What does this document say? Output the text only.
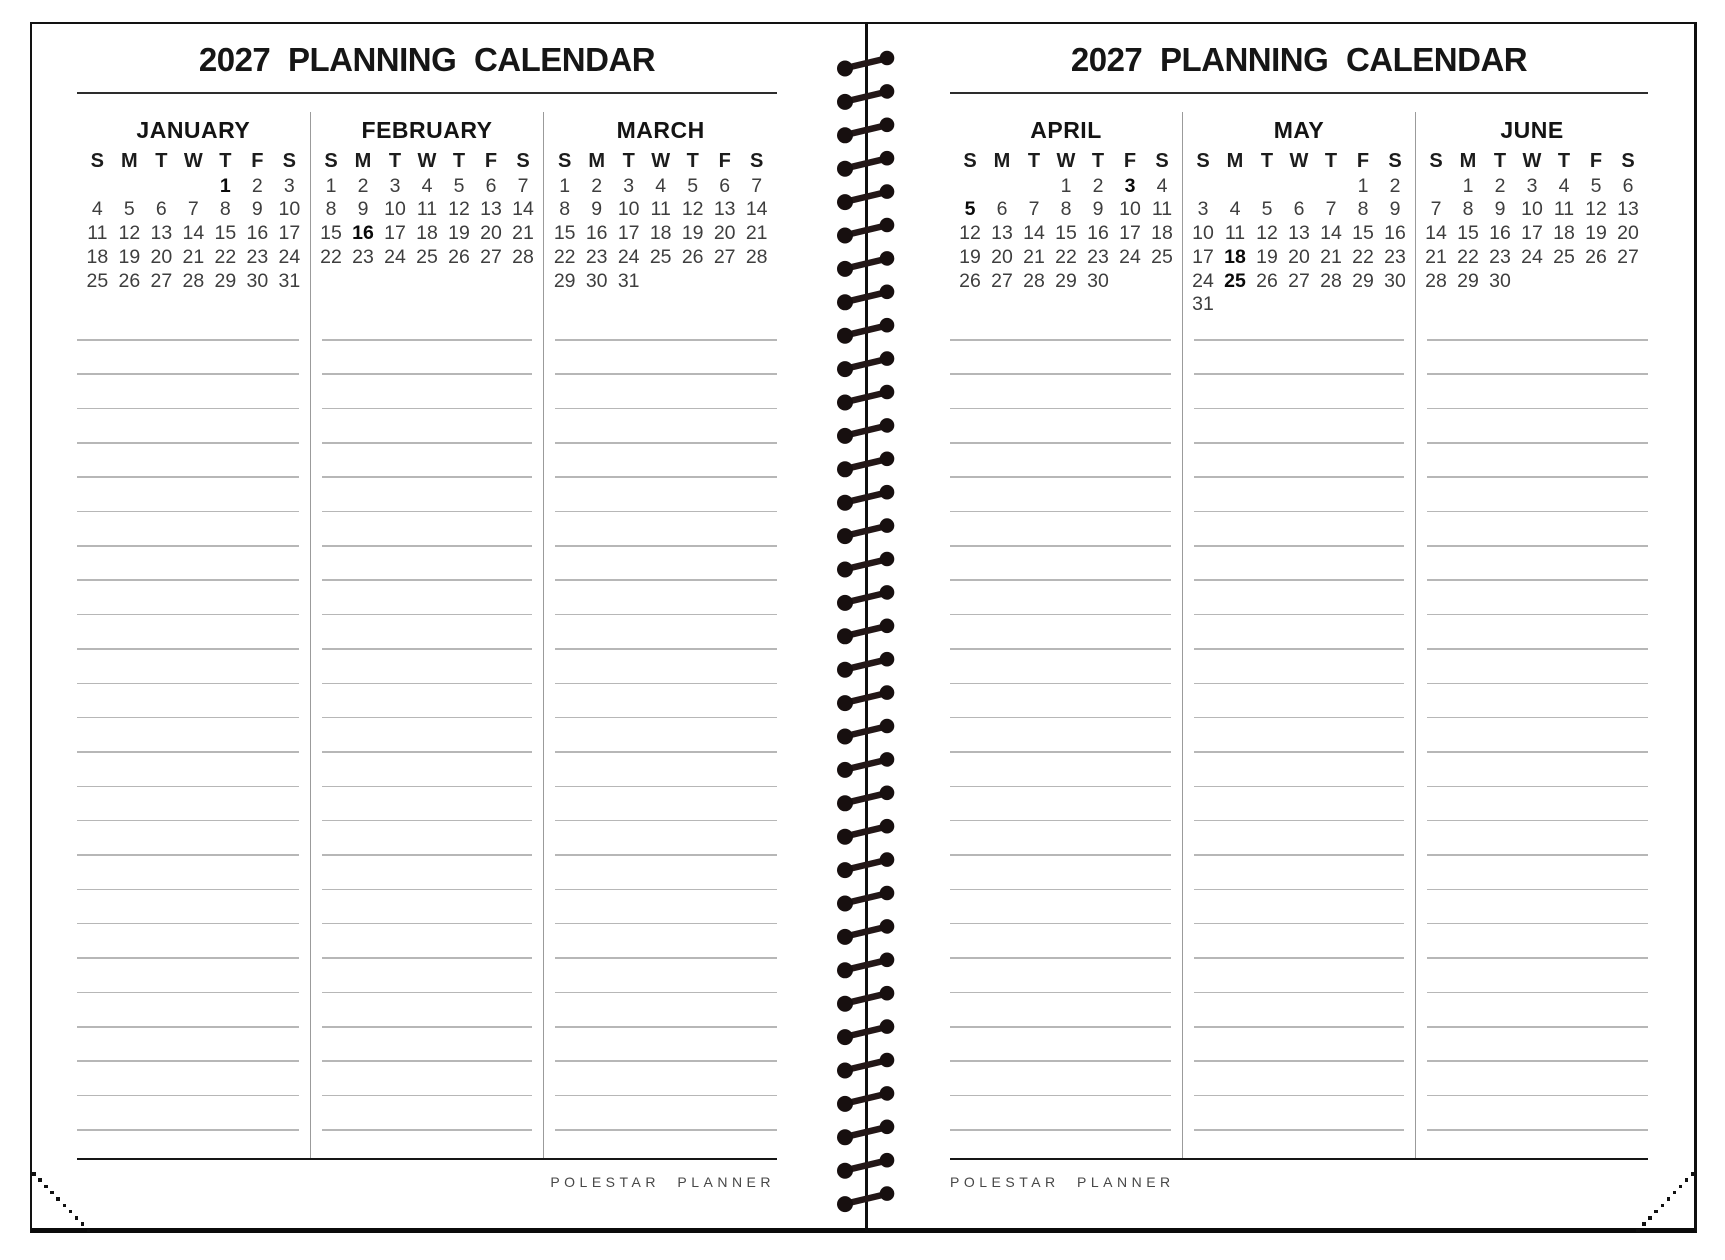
2027 PLANNING CALENDAR
JANUARY
S	M	T	W	T	F	S
				1	2	3
4	5	6	7	8	9	10
11	12	13	14	15	16	17
18	19	20	21	22	23	24
25	26	27	28	29	30	31
FEBRUARY
S	M	T	W	T	F	S
1	2	3	4	5	6	7
8	9	10	11	12	13	14
15	16	17	18	19	20	21
22	23	24	25	26	27	28
MARCH
S	M	T	W	T	F	S
1	2	3	4	5	6	7
8	9	10	11	12	13	14
15	16	17	18	19	20	21
22	23	24	25	26	27	28
29	30	31				
POLESTAR PLANNER
2027 PLANNING CALENDAR
APRIL
S	M	T	W	T	F	S
			1	2	3	4
5	6	7	8	9	10	11
12	13	14	15	16	17	18
19	20	21	22	23	24	25
26	27	28	29	30		
MAY
S	M	T	W	T	F	S
					1	2
3	4	5	6	7	8	9
10	11	12	13	14	15	16
17	18	19	20	21	22	23
24	25	26	27	28	29	30
31						
JUNE
S	M	T	W	T	F	S
	1	2	3	4	5	6
7	8	9	10	11	12	13
14	15	16	17	18	19	20
21	22	23	24	25	26	27
28	29	30				
POLESTAR PLANNER
